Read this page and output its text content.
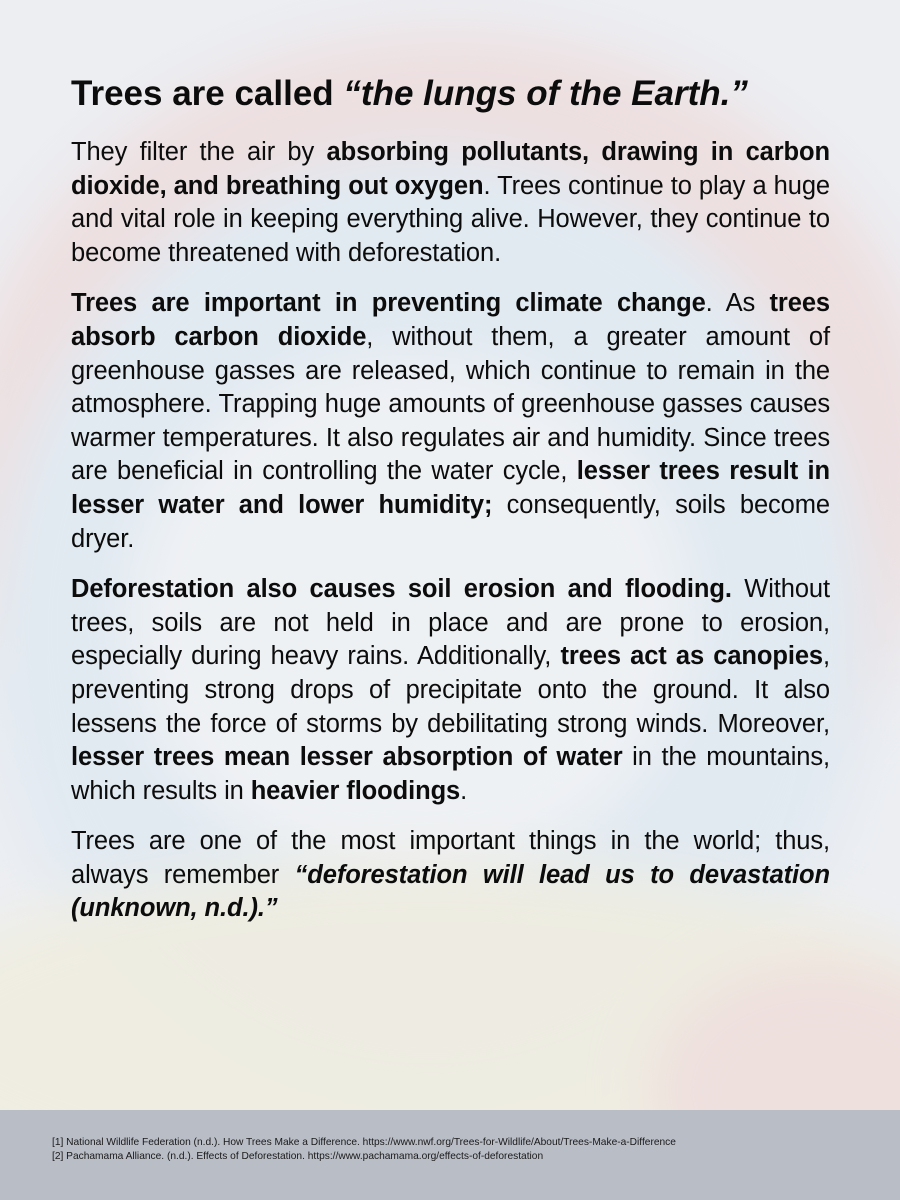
Trees are called “the lungs of the Earth.”

They filter the air by absorbing pollutants, drawing in carbon dioxide, and breathing out oxygen. Trees continue to play a huge and vital role in keeping everything alive. However, they continue to become threatened with deforestation.

Trees are important in preventing climate change. As trees absorb carbon dioxide, without them, a greater amount of greenhouse gasses are released, which continue to remain in the atmosphere. Trapping huge amounts of greenhouse gasses causes warmer temperatures. It also regulates air and humidity. Since trees are beneficial in controlling the water cycle, lesser trees result in lesser water and lower humidity; consequently, soils become dryer.

Deforestation also causes soil erosion and flooding. Without trees, soils are not held in place and are prone to erosion, especially during heavy rains. Additionally, trees act as canopies, preventing strong drops of precipitate onto the ground. It also lessens the force of storms by debilitating strong winds. Moreover, lesser trees mean lesser absorption of water in the mountains, which results in heavier floodings.

Trees are one of the most important things in the world; thus, always remember “deforestation will lead us to devastation (unknown, n.d.).”

[1] National Wildlife Federation (n.d.). How Trees Make a Difference. https://www.nwf.org/Trees-for-Wildlife/About/Trees-Make-a-Difference
[2] Pachamama Alliance. (n.d.). Effects of Deforestation. https://www.pachamama.org/effects-of-deforestation
